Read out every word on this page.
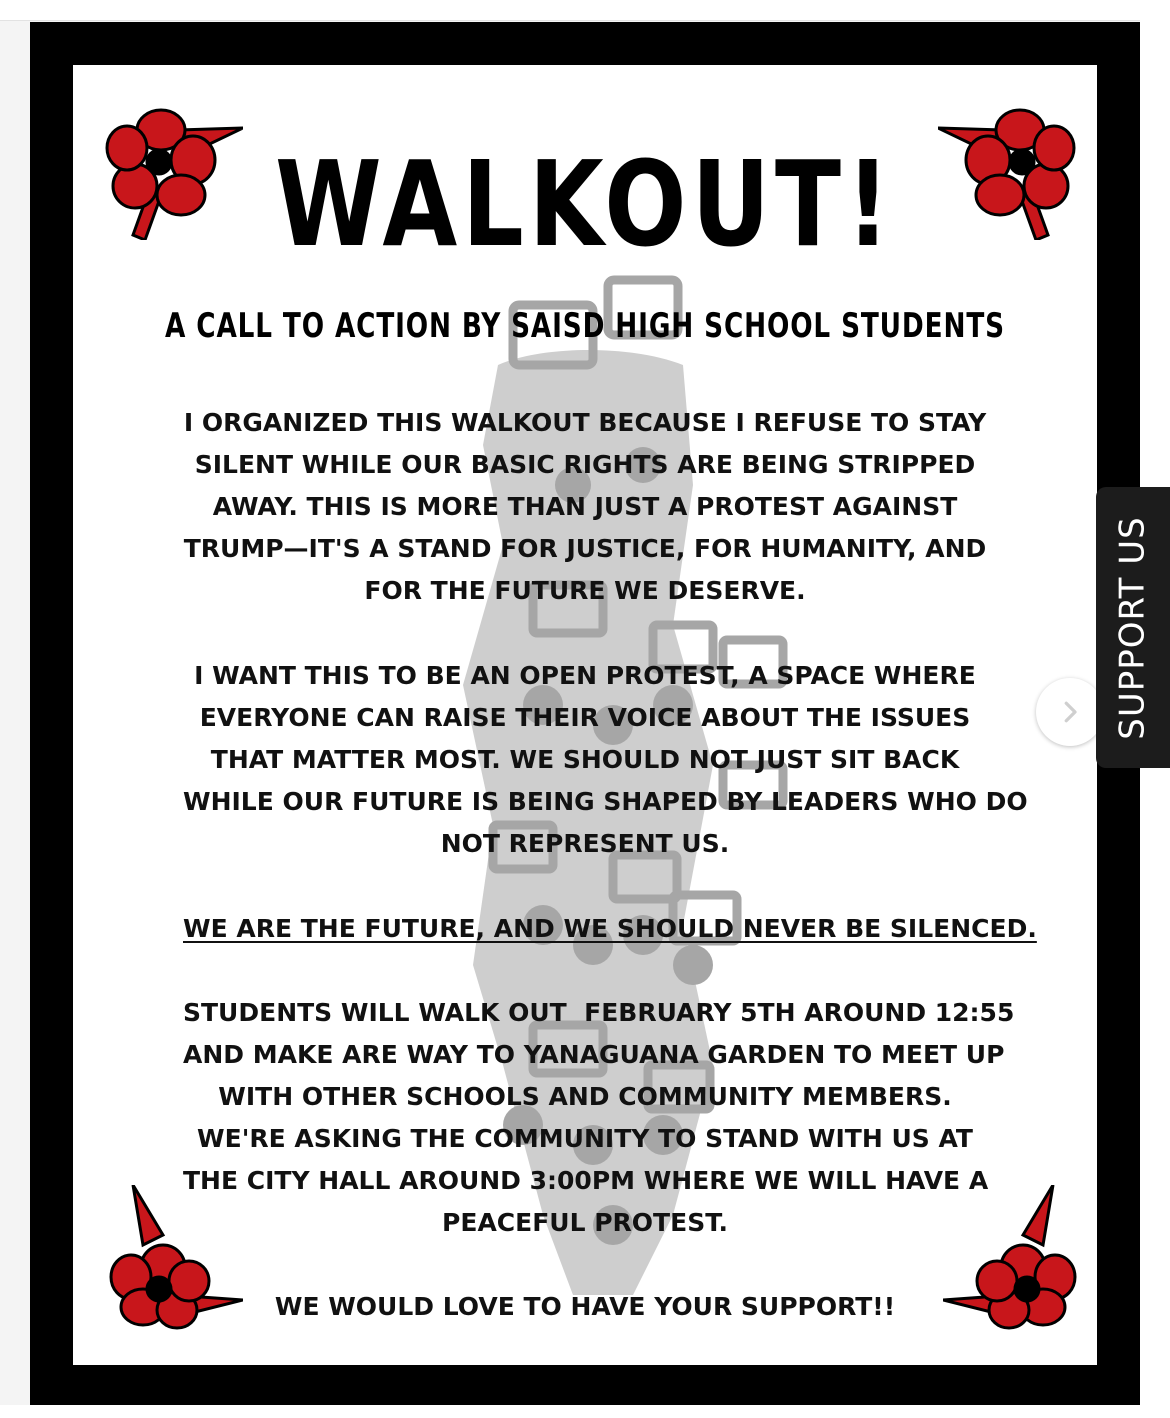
WALKOUT!
A CALL TO ACTION BY SAISD HIGH SCHOOL STUDENTS
I ORGANIZED THIS WALKOUT BECAUSE I REFUSE TO STAY
SILENT WHILE OUR BASIC RIGHTS ARE BEING STRIPPED
AWAY. THIS IS MORE THAN JUST A PROTEST AGAINST
TRUMP—IT'S A STAND FOR JUSTICE, FOR HUMANITY, AND
FOR THE FUTURE WE DESERVE.
I WANT THIS TO BE AN OPEN PROTEST, A SPACE WHERE
EVERYONE CAN RAISE THEIR VOICE ABOUT THE ISSUES
THAT MATTER MOST. WE SHOULD NOT JUST SIT BACK
WHILE OUR FUTURE IS BEING SHAPED BY LEADERS WHO DO
NOT REPRESENT US.
WE ARE THE FUTURE, AND WE SHOULD NEVER BE SILENCED.
STUDENTS WILL WALK OUT  FEBRUARY 5TH AROUND 12:55
AND MAKE ARE WAY TO YANAGUANA GARDEN TO MEET UP
WITH OTHER SCHOOLS AND COMMUNITY MEMBERS.
WE'RE ASKING THE COMMUNITY TO STAND WITH US AT
THE CITY HALL AROUND 3:00PM WHERE WE WILL HAVE A
PEACEFUL PROTEST.
WE WOULD LOVE TO HAVE YOUR SUPPORT!!
SUPPORT US
